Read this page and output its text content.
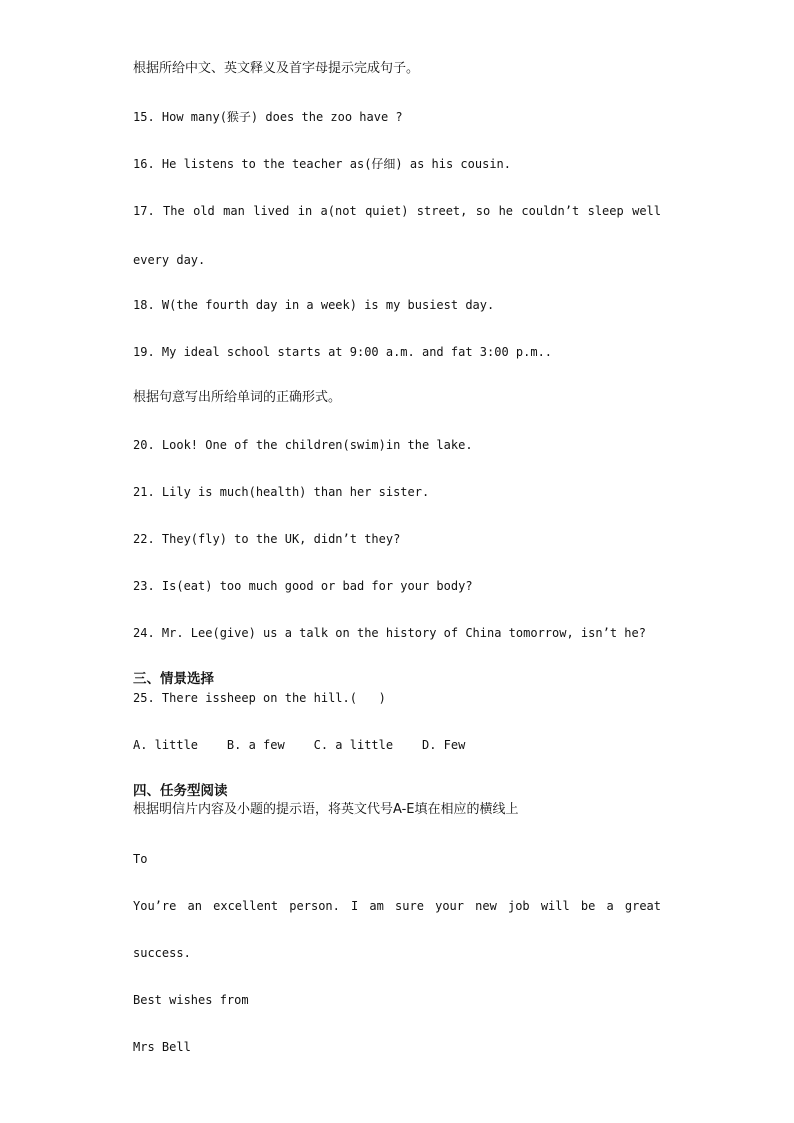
根据所给中文、英文释义及首字母提示完成句子。
15. How many(猴子) does the zoo have ?
16. He listens to the teacher as(仔细) as his cousin.
17. The old man lived in a(not quiet) street, so he couldn’t sleep well
every day.
18. W(the fourth day in a week) is my busiest day.
19. My ideal school starts at 9:00 a.m. and fat 3:00 p.m..
根据句意写出所给单词的正确形式。
20. Look! One of the children(swim)in the lake.
21. Lily is much(health) than her sister.
22. They(fly) to the UK, didn’t they?
23. Is(eat) too much good or bad for your body?
24. Mr. Lee(give) us a talk on the history of China tomorrow, isn’t he?
三、情景选择
25. There issheep on the hill.(   )
A. little    B. a few    C. a little    D. Few
四、任务型阅读
根据明信片内容及小题的提示语，将英文代号A-E填在相应的横线上
To
You’re an excellent person. I am sure your new job will be a great
success.
Best wishes from
Mrs Bell
